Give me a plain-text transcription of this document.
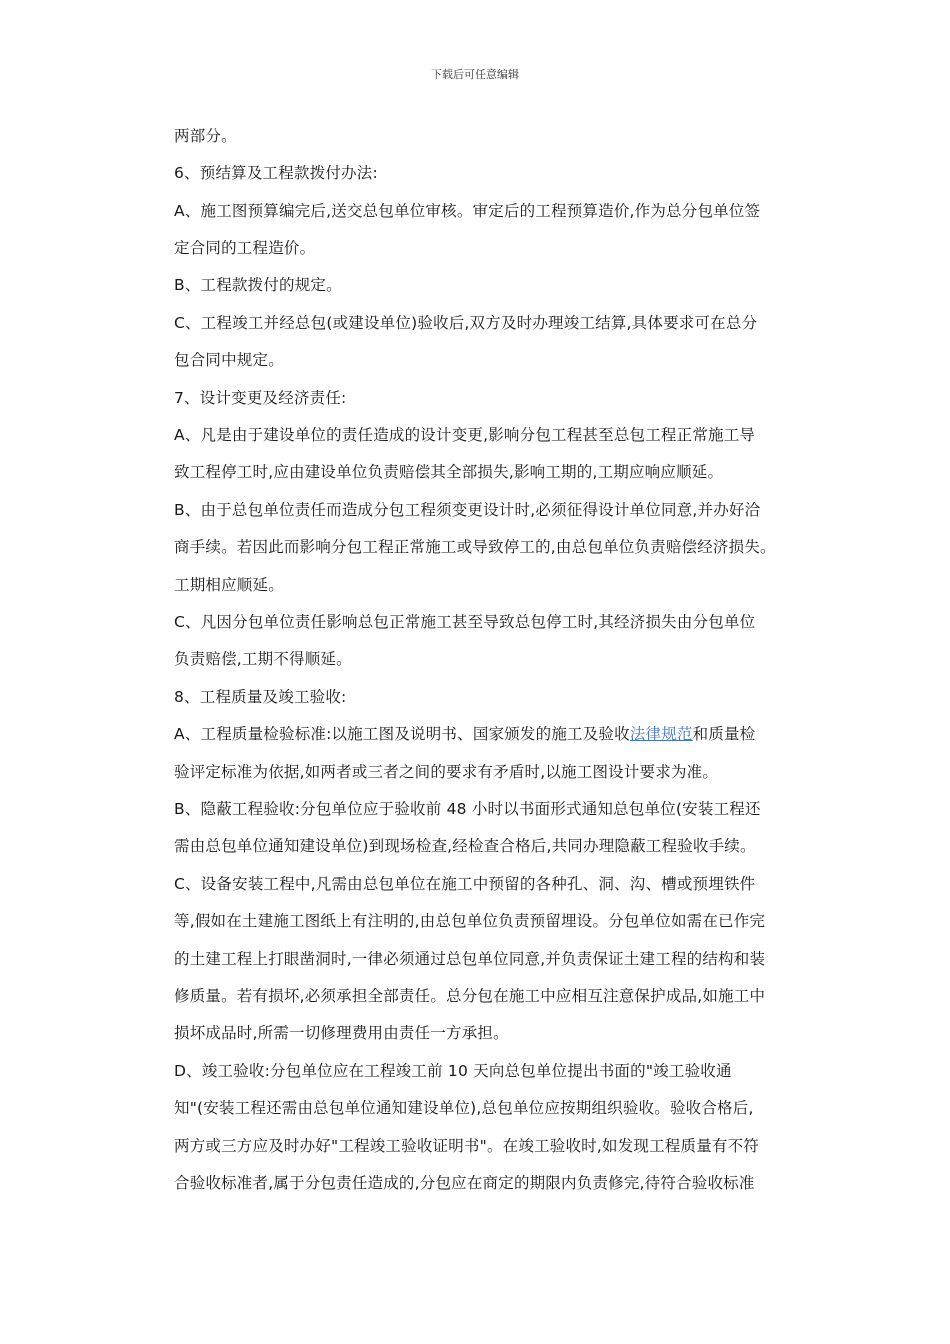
下载后可任意编辑
两部分。
6、预结算及工程款拨付办法:
A、施工图预算编完后,送交总包单位审核。审定后的工程预算造价,作为总分包单位签
定合同的工程造价。
B、工程款拨付的规定。
C、工程竣工并经总包(或建设单位)验收后,双方及时办理竣工结算,具体要求可在总分
包合同中规定。
7、设计变更及经济责任:
A、凡是由于建设单位的责任造成的设计变更,影响分包工程甚至总包工程正常施工导
致工程停工时,应由建设单位负责赔偿其全部损失,影响工期的,工期应响应顺延。
B、由于总包单位责任而造成分包工程须变更设计时,必须征得设计单位同意,并办好洽
商手续。若因此而影响分包工程正常施工或导致停工的,由总包单位负责赔偿经济损失。
工期相应顺延。
C、凡因分包单位责任影响总包正常施工甚至导致总包停工时,其经济损失由分包单位
负责赔偿,工期不得顺延。
8、工程质量及竣工验收:
A、工程质量检验标准:以施工图及说明书、国家颁发的施工及验收法律规范和质量检
验评定标准为依据,如两者或三者之间的要求有矛盾时,以施工图设计要求为准。
B、隐蔽工程验收:分包单位应于验收前 48 小时以书面形式通知总包单位(安装工程还
需由总包单位通知建设单位)到现场检查,经检查合格后,共同办理隐蔽工程验收手续。
C、设备安装工程中,凡需由总包单位在施工中预留的各种孔、洞、沟、槽或预埋铁件
等,假如在土建施工图纸上有注明的,由总包单位负责预留埋设。分包单位如需在已作完
的土建工程上打眼凿洞时,一律必须通过总包单位同意,并负责保证土建工程的结构和装
修质量。若有损坏,必须承担全部责任。总分包在施工中应相互注意保护成品,如施工中
损坏成品时,所需一切修理费用由责任一方承担。
D、竣工验收:分包单位应在工程竣工前 10 天向总包单位提出书面的"竣工验收通
知"(安装工程还需由总包单位通知建设单位),总包单位应按期组织验收。验收合格后,
两方或三方应及时办好"工程竣工验收证明书"。在竣工验收时,如发现工程质量有不符
合验收标准者,属于分包责任造成的,分包应在商定的期限内负责修完,待符合验收标准
